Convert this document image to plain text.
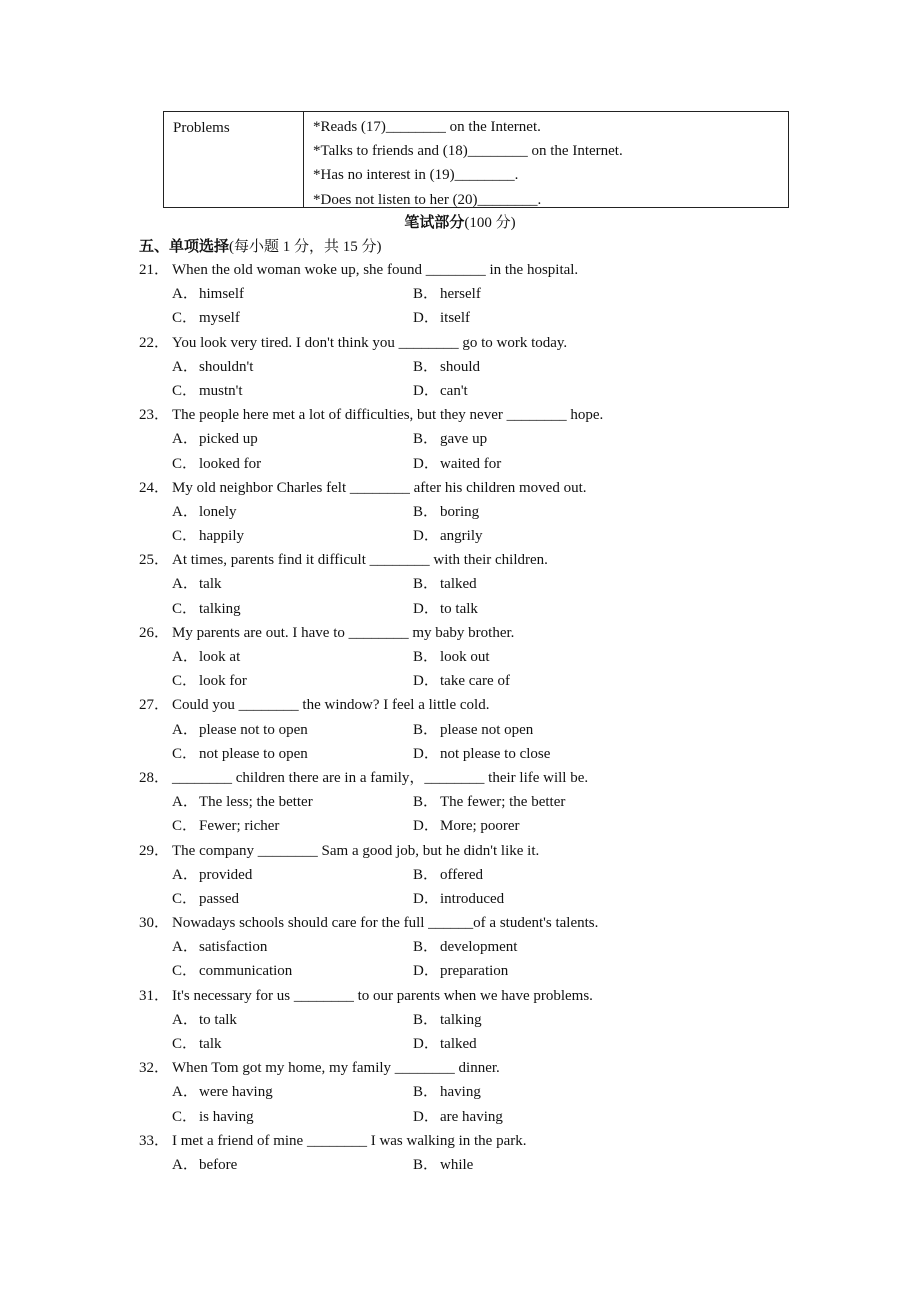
Problems	*Reads (17)________ on the Internet.
*Talks to friends and (18)________ on the Internet.
*Has no interest in (19)________.
*Does not listen to her (20)________.
笔试部分(100 分)
五、单项选择(每小题 1 分，共 15 分)
21． When the old woman woke up, she found ________ in the hospital.
A．himself	B． herself
C． myself	D．itself
22． You look very tired. I don't think you ________ go to work today.
A．shouldn't	B． should
C． mustn't	D．can't
23． The people here met a lot of difficulties, but they never ________ hope.
A．picked up	B． gave up
C． looked for	D．waited for
24． My old neighbor Charles felt ________ after his children moved out.
A．lonely	B． boring
C． happily	D．angrily
25． At times, parents find it difficult ________ with their children.
A．talk	B． talked
C． talking	D．to talk
26． My parents are out. I have to ________ my baby brother.
A．look at	B． look out
C． look for	D．take care of
27． Could you ________ the window? I feel a little cold.
A．please not to open	B． please not open
C． not please to open	D．not please to close
28． ________ children there are in a family，________ their life will be.
A．The less; the better	B． The fewer; the better
C． Fewer; richer	D．More; poorer
29． The company ________ Sam a good job, but he didn't like it.
A．provided	B． offered
C． passed	D．introduced
30． Nowadays schools should care for the full ______of a student's talents.
A．satisfaction	B． development
C． communication	D．preparation
31． It's necessary for us ________ to our parents when we have problems.
A．to talk	B． talking
C． talk	D．talked
32． When Tom got my home, my family ________ dinner.
A．were having	B． having
C． is having	D．are having
33． I met a friend of mine ________ I was walking in the park.
A．before	B． while
